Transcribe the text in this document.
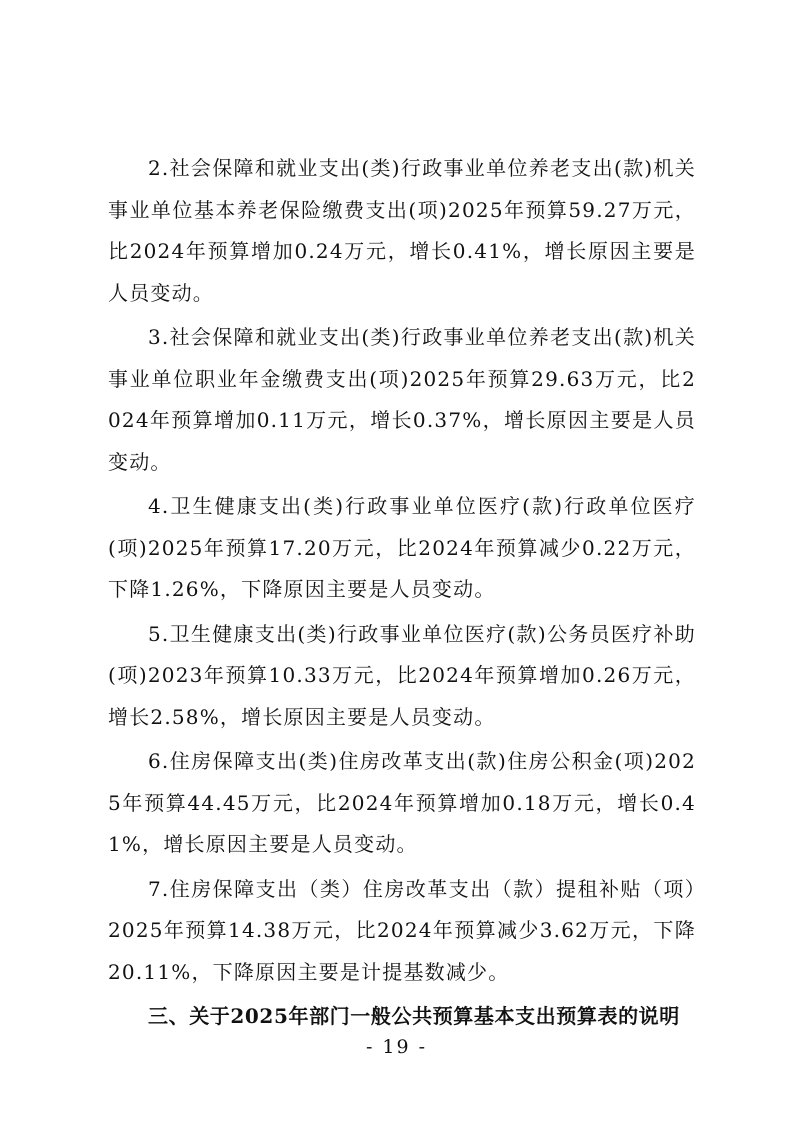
2.社会保障和就业支出(类)行政事业单位养老支出(款)机关事业单位基本养老保险缴费支出(项)2025年预算59.27万元，比2024年预算增加0.24万元，增长0.41%，增长原因主要是人员变动。

3.社会保障和就业支出(类)行政事业单位养老支出(款)机关事业单位职业年金缴费支出(项)2025年预算29.63万元，比2024年预算增加0.11万元，增长0.37%，增长原因主要是人员变动。

4.卫生健康支出(类)行政事业单位医疗(款)行政单位医疗(项)2025年预算17.20万元，比2024年预算减少0.22万元，下降1.26%，下降原因主要是人员变动。

5.卫生健康支出(类)行政事业单位医疗(款)公务员医疗补助(项)2023年预算10.33万元，比2024年预算增加0.26万元，增长2.58%，增长原因主要是人员变动。

6.住房保障支出(类)住房改革支出(款)住房公积金(项)2025年预算44.45万元，比2024年预算增加0.18万元，增长0.41%，增长原因主要是人员变动。

7.住房保障支出（类）住房改革支出（款）提租补贴（项）2025年预算14.38万元，比2024年预算减少3.62万元，下降20.11%，下降原因主要是计提基数减少。

三、关于2025年部门一般公共预算基本支出预算表的说明

- 19 -
